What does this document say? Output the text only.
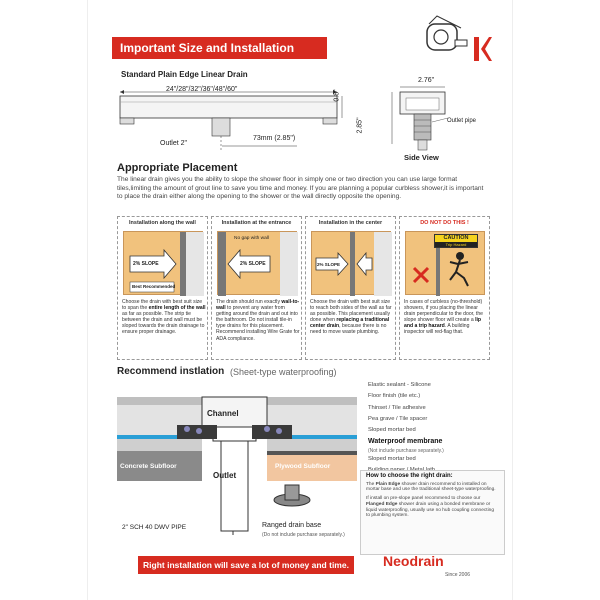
Important Size and Installation
Standard Plain Edge Linear Drain
24"/28"/32"/36"/48"/60"	0.8"
2.76"
2.85"	Outlet pipe
Side View
Outlet 2"
73mm (2.85")
Appropriate Placement
The linear drain gives you the ability to slope the shower floor in simply one or two direction you can use large format tiles,limiting the amount of grout line to save you time and money. If you are planning a popular curbless shower,it is important to place the drain either along the opening to the shower or the wall directly opposite the opening.
Installation along the wall
2% SLOPE
Best Recommended
Choose the drain with best suit size to span the entire length of the wall as far as possible. The strip tie between the drain and wall must be sloped towards the drain drainage to ensure proper drainage.
Installation at the entrance
No gap with wall
2% SLOPE
The drain should run exactly wall-to-wall to prevent any water from getting around the drain and out into the bathroom. Do not install tile-in type drains for this placement. Recommend installing Wire Grate for ADA compliance.
Installation in the center
2% SLOPE
Choose the drain with best suit size to reach both sides of the wall as far as possible. This placement usually done when replacing a traditional center drain, because there is no need to move waste plumbing.
DO NOT DO THIS !
CAUTION
Trip Hazard
In cases of curbless (no-threshold) showers, if you placing the linear drain perpendicular to the door, the slope shower floor will create a lip and a trip hazard. A building inspector will red-flag that.
Recommend instlation (Sheet-type waterproofing)
Channel
Outlet
Concrete Subfloor	Plywood Subfloor
Elastic sealant - Silicone
Floor finish (tile etc.)
Thinset / Tile adhesive
Pea grave / Tile spacer
Sloped mortar bed
Waterproof membrane
(Not include purchase separately.)
Sloped mortar bed
How to choose the right drain:

The Plain Edge shower drain recommend to installed on mortar base and use the traditional sheet-type waterproofing.

If install on pre-slope panel recommend to choose our Flanged Edge shower drain using a bonded membrane or liquid waterproofing, usually use no hub coupling connecting to plumbing system.

2" SCH 40 DWV PIPE	Ranged drain base
(Do not include purchase separately.)
Right installation will save a lot of money and time.	Neodrain
Since 2006
